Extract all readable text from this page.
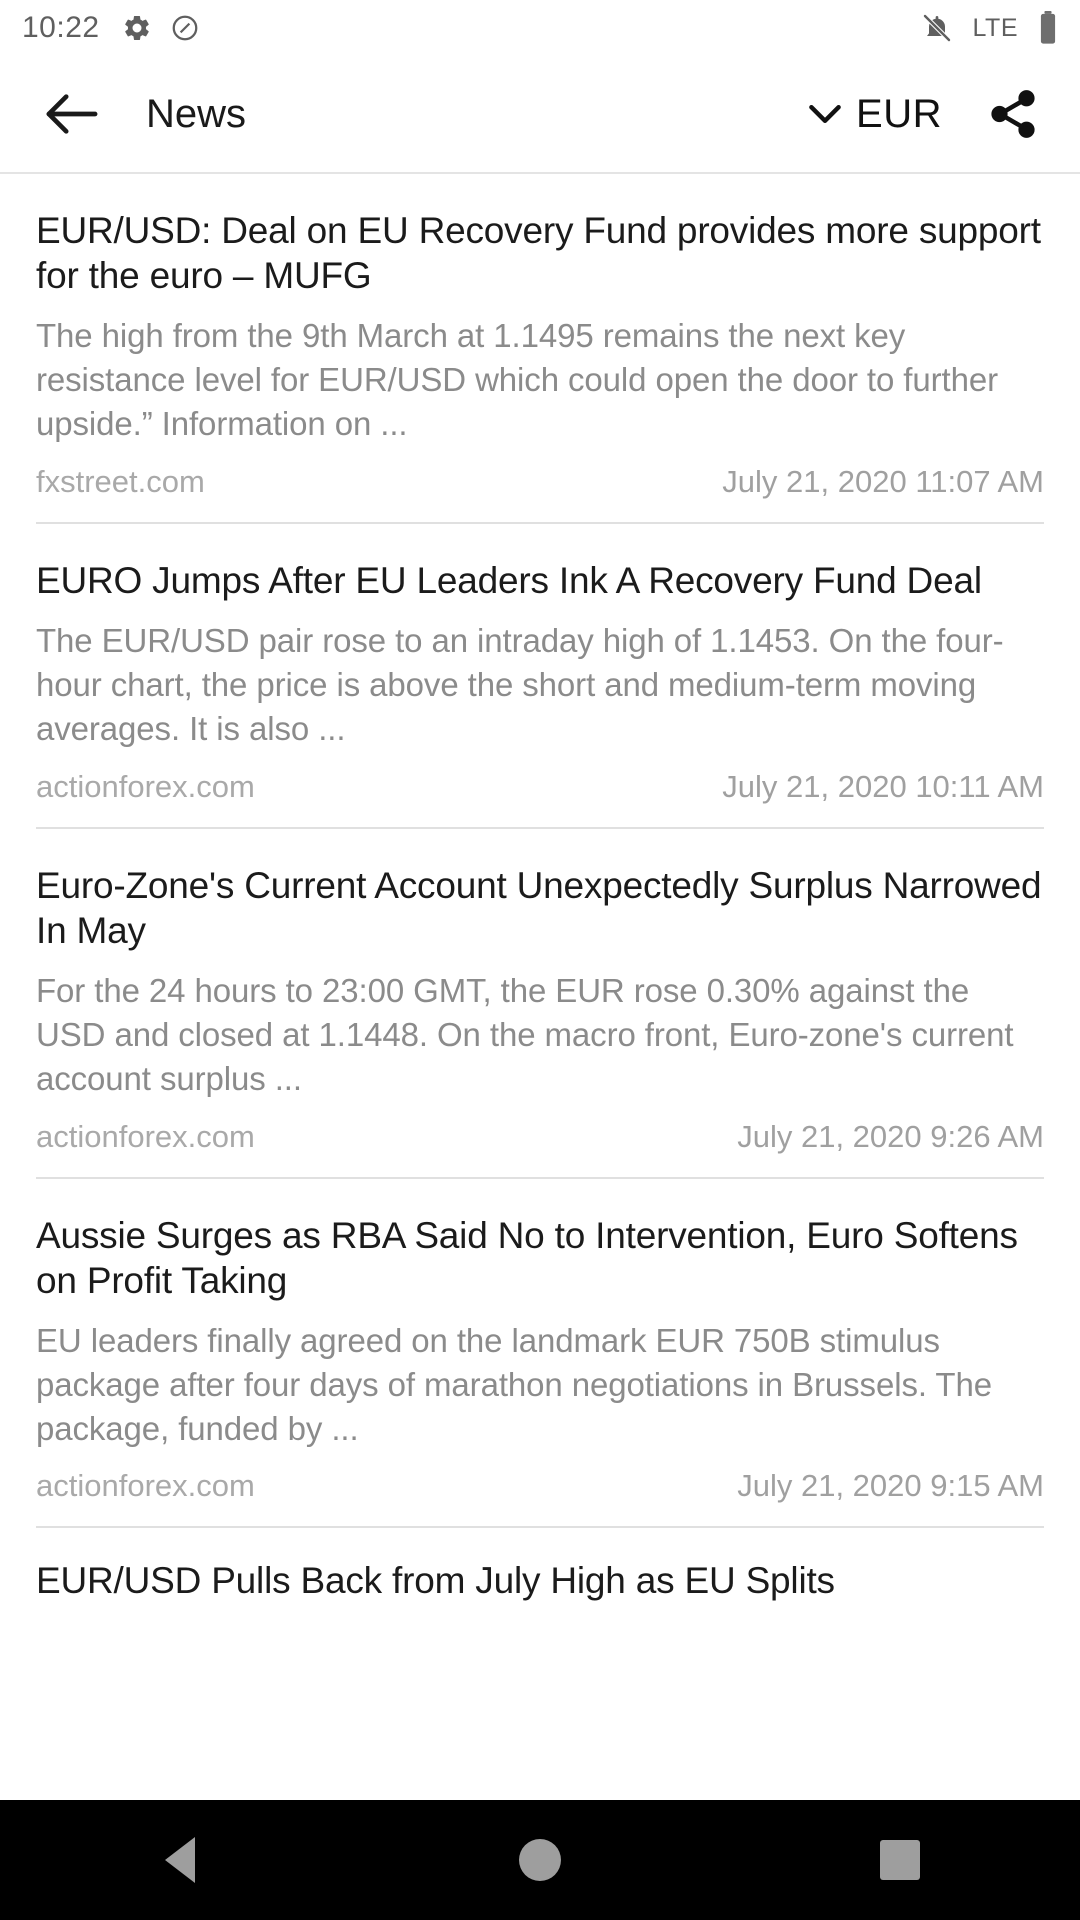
10:22	LTE
News	EUR
EUR/USD: Deal on EU Recovery Fund provides more support for the euro – MUFG
The high from the 9th March at 1.1495 remains the next key resistance level for EUR/USD which could open the door to further upside.” Information on ...
fxstreet.com	July 21, 2020 11:07 AM
EURO Jumps After EU Leaders Ink A Recovery Fund Deal
The EUR/USD pair rose to an intraday high of 1.1453. On the four-hour chart, the price is above the short and medium-term moving averages. It is also ...
actionforex.com	July 21, 2020 10:11 AM
Euro-Zone's Current Account Unexpectedly Surplus Narrowed In May
For the 24 hours to 23:00 GMT, the EUR rose 0.30% against the USD and closed at 1.1448. On the macro front, Euro-zone's current account surplus ...
actionforex.com	July 21, 2020 9:26 AM
Aussie Surges as RBA Said No to Intervention, Euro Softens on Profit Taking
EU leaders finally agreed on the landmark EUR 750B stimulus package after four days of marathon negotiations in Brussels. The package, funded by ...
actionforex.com	July 21, 2020 9:15 AM
EUR/USD Pulls Back from July High as EU Splits
